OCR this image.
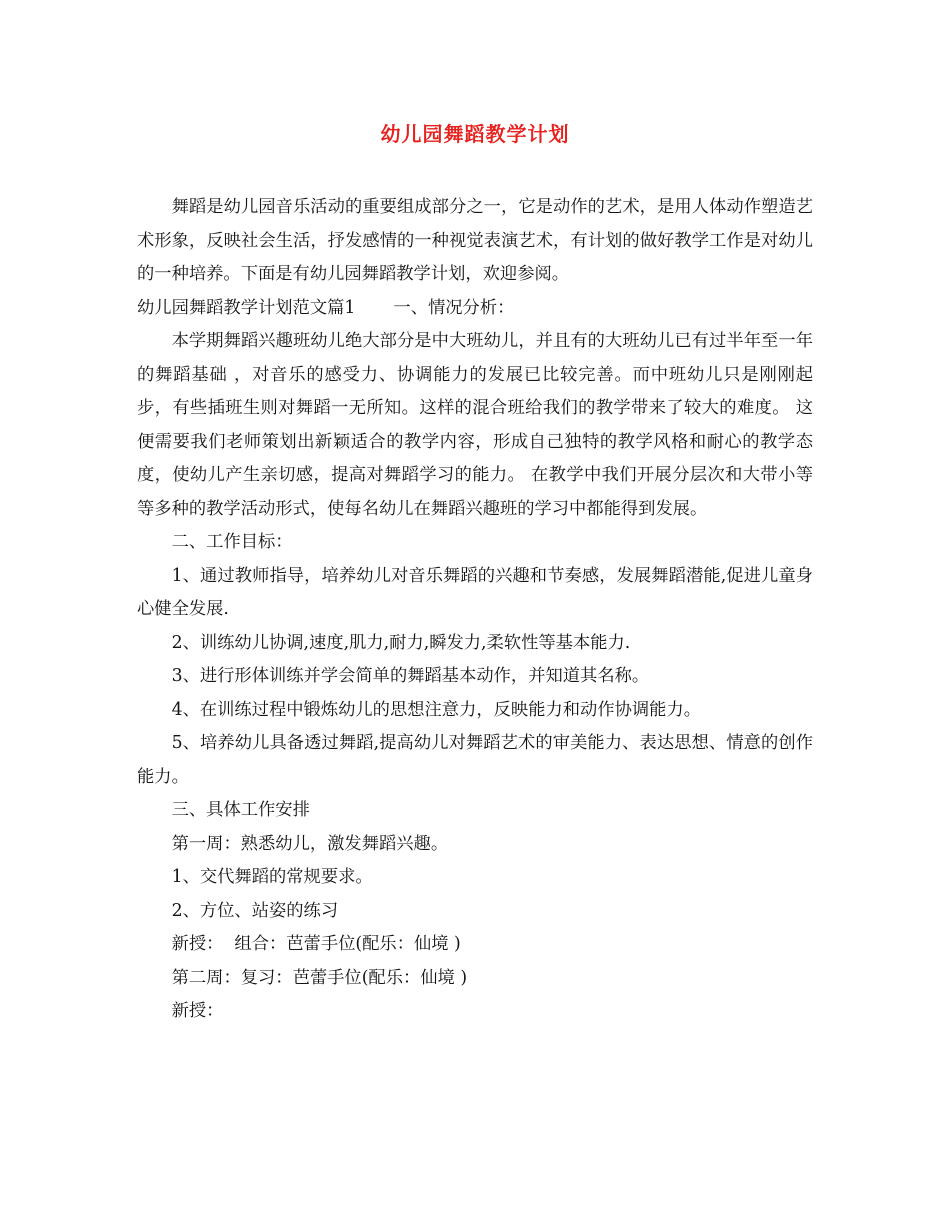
幼儿园舞蹈教学计划

舞蹈是幼儿园音乐活动的重要组成部分之一，它是动作的艺术，是用人体动作塑造艺术形象，反映社会生活，抒发感情的一种视觉表演艺术，有计划的做好教学工作是对幼儿的一种培养。下面是有幼儿园舞蹈教学计划，欢迎参阅。

幼儿园舞蹈教学计划范文篇1 一、情况分析：

本学期舞蹈兴趣班幼儿绝大部分是中大班幼儿，并且有的大班幼儿已有过半年至一年的舞蹈基础 ，对音乐的感受力、协调能力的发展已比较完善。而中班幼儿只是刚刚起步，有些插班生则对舞蹈一无所知。这样的混合班给我们的教学带来了较大的难度。 这便需要我们老师策划出新颖适合的教学内容，形成自己独特的教学风格和耐心的教学态度，使幼儿产生亲切感，提高对舞蹈学习的能力。 在教学中我们开展分层次和大带小等等多种的教学活动形式，使每名幼儿在舞蹈兴趣班的学习中都能得到发展。

二、工作目标：

1、通过教师指导，培养幼儿对音乐舞蹈的兴趣和节奏感，发展舞蹈潜能,促进儿童身心健全发展.

2、训练幼儿协调,速度,肌力,耐力,瞬发力,柔软性等基本能力.

3、进行形体训练并学会简单的舞蹈基本动作，并知道其名称。

4、在训练过程中锻炼幼儿的思想注意力，反映能力和动作协调能力。

5、培养幼儿具备透过舞蹈,提高幼儿对舞蹈艺术的审美能力、表达思想、情意的创作能力。

三、具体工作安排

第一周：熟悉幼儿，激发舞蹈兴趣。

1、交代舞蹈的常规要求。

2、方位、站姿的练习

新授：  组合：芭蕾手位(配乐：仙境 )

第二周：复习：芭蕾手位(配乐：仙境 )

新授：
